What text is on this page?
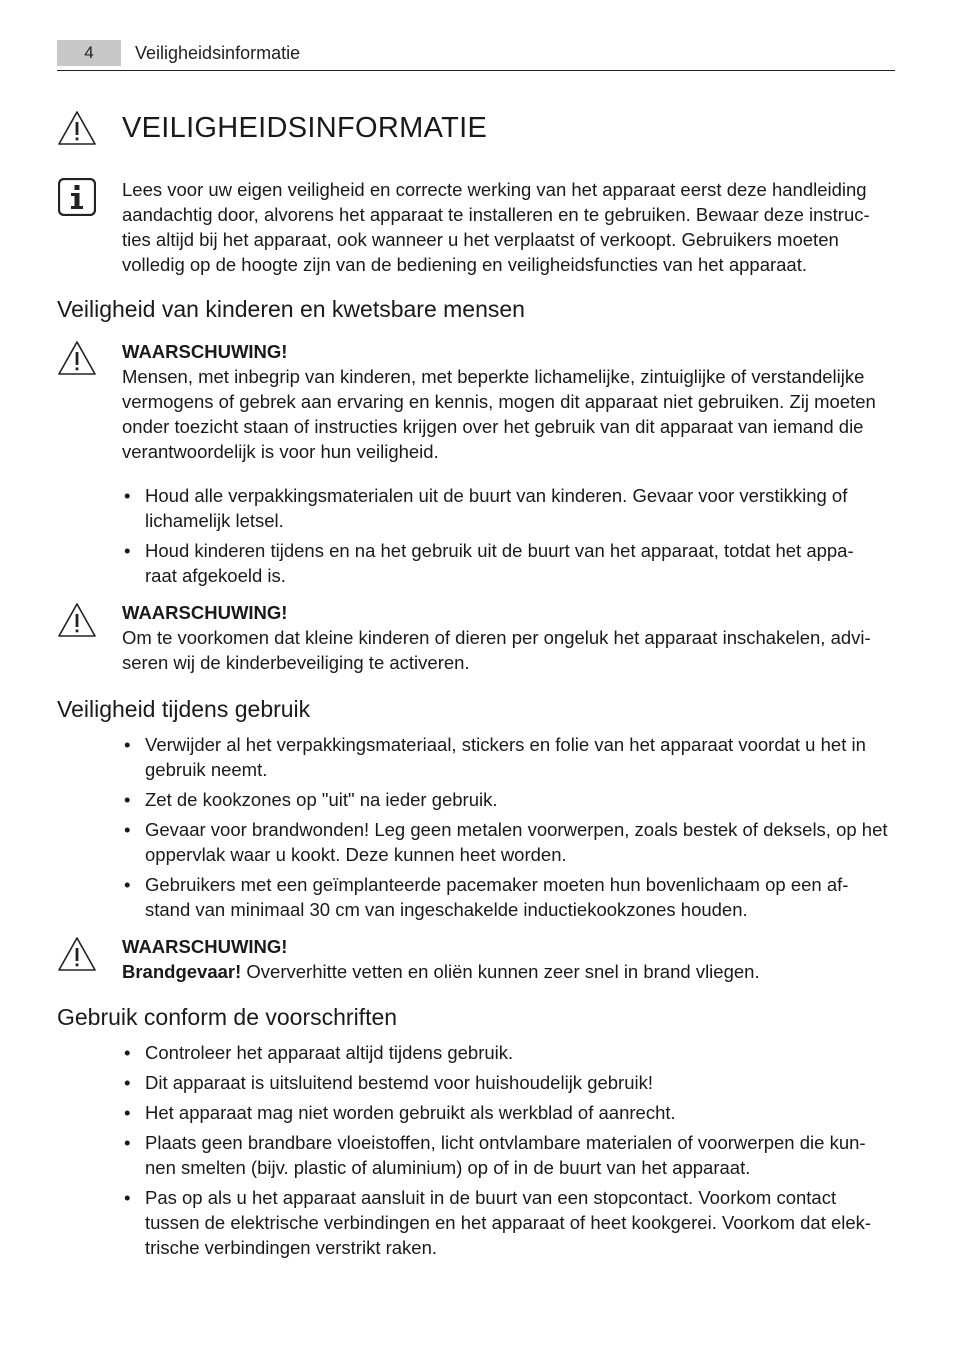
4	Veiligheidsinformatie
VEILIGHEIDSINFORMATIE
Lees voor uw eigen veiligheid en correcte werking van het apparaat eerst deze handleiding
aandachtig door, alvorens het apparaat te installeren en te gebruiken. Bewaar deze instruc-
ties altijd bij het apparaat, ook wanneer u het verplaatst of verkoopt. Gebruikers moeten
volledig op de hoogte zijn van de bediening en veiligheidsfuncties van het apparaat.
Veiligheid van kinderen en kwetsbare mensen
WAARSCHUWING!
Mensen, met inbegrip van kinderen, met beperkte lichamelijke, zintuiglijke of verstandelijke
vermogens of gebrek aan ervaring en kennis, mogen dit apparaat niet gebruiken. Zij moeten
onder toezicht staan of instructies krijgen over het gebruik van dit apparaat van iemand die
verantwoordelijk is voor hun veiligheid.
• Houd alle verpakkingsmaterialen uit de buurt van kinderen. Gevaar voor verstikking of
lichamelijk letsel.
• Houd kinderen tijdens en na het gebruik uit de buurt van het apparaat, totdat het appa-
raat afgekoeld is.
WAARSCHUWING!
Om te voorkomen dat kleine kinderen of dieren per ongeluk het apparaat inschakelen, advi-
seren wij de kinderbeveiliging te activeren.
Veiligheid tijdens gebruik
• Verwijder al het verpakkingsmateriaal, stickers en folie van het apparaat voordat u het in
gebruik neemt.
• Zet de kookzones op "uit" na ieder gebruik.
• Gevaar voor brandwonden! Leg geen metalen voorwerpen, zoals bestek of deksels, op het
oppervlak waar u kookt. Deze kunnen heet worden.
• Gebruikers met een geïmplanteerde pacemaker moeten hun bovenlichaam op een af-
stand van minimaal 30 cm van ingeschakelde inductiekookzones houden.
WAARSCHUWING!
Brandgevaar! Oververhitte vetten en oliën kunnen zeer snel in brand vliegen.
Gebruik conform de voorschriften
• Controleer het apparaat altijd tijdens gebruik.
• Dit apparaat is uitsluitend bestemd voor huishoudelijk gebruik!
• Het apparaat mag niet worden gebruikt als werkblad of aanrecht.
• Plaats geen brandbare vloeistoffen, licht ontvlambare materialen of voorwerpen die kun-
nen smelten (bijv. plastic of aluminium) op of in de buurt van het apparaat.
• Pas op als u het apparaat aansluit in de buurt van een stopcontact. Voorkom contact
tussen de elektrische verbindingen en het apparaat of heet kookgerei. Voorkom dat elek-
trische verbindingen verstrikt raken.
